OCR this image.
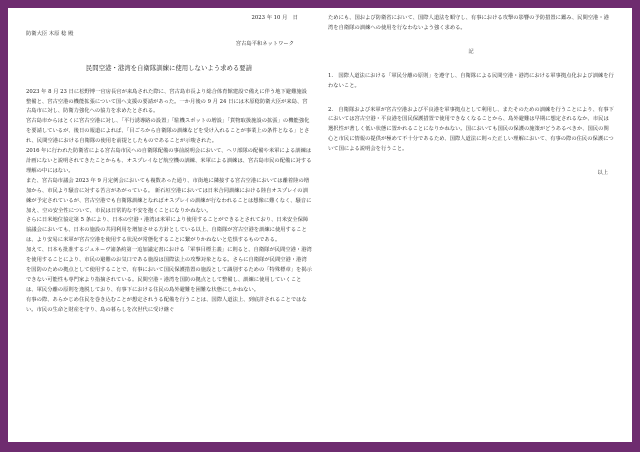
2023 年 10 月　日
防衛大臣 木原 稔 殿
宮古島平和ネットワーク
民間空港・港湾を自衛隊訓練に使用しないよう求める要請

2023 年 8 月 23 日に松野博一官房長官が来島された際に、宮古島市長より総合体育館建設で備えに伴う地下避難施設整備と、宮古空港の機能拡張について国へ支援の要請があった。一か月後の 9 月 24 日には木原稔防衛大臣が来島、宮古島市に対し、防衛力強化への協力を求めたとされる。

宮古島市からはとくに宮古空港に対し、「平行誘導路の設置」「駐機スポットの増設」「貨物取扱施設の拡張」の機能強化を要請しているが、後日の報道によれば、「目ごろから自衛隊の訓練などを受け入れることが事業上の条件となる」とされ、民間空港における自衛隊の使用を前提としたものであることが示唆された。

2016 年に行われた防衛省による宮古島市民への自衛隊配備の事前説明会において、ヘリ部隊の配備や米軍による訓練は計画にないと説明されてきたことからも、オスプレイなど航空機の訓練、米軍による訓練は、宮古島市民の配備に対する理解の中にはない。

また、宮古島市議会 2023 年 9 月定例会においても複数あった通り、市街地に隣接する宮古空港においては離着陸の増加から、市民より騒音に対する苦言があがっている。 新石垣空港においては日米合同訓練における陸自オスプレイの訓練が予定されているが、宮古空港でも自衛隊訓練となればオスプレイの訓練が行なわれることは想像に難くなく、騒音に加え、空の安全性について、市民は日常的な不安を抱くことになりかねない。

さらに日米地位協定第 5 条により、日本の空港・港湾は米軍により使用することができるとされており、日米安全保障協議会においても、日本の施設の共同利用を増加させる方針としている以上、自衛隊が宮古空港を訓練に使用することは、より安易に米軍が宮古空港を使用する状況が常態化することに繋がりかねないと危惧するものである。

加えて、日本も批准するジュネーヴ諸条約第一追加議定書における「軍事目標主義」に則ると、自衛隊が民間空港・港湾を使用することにより、市民の避難のお気口である施設は国際法上の攻撃対象となる。さらに自衛隊が民間空港・港湾を国防のための拠点として使用することで、有事において国民保護措置の施設として識別するための「特殊標章」を掲示できない可能性も専門家より指摘されている。民間空港・港湾を国防の拠点として整備し、訓練に使用していくことは、軍民分離の原則を逸脱しており、有事下における住民の島外避難を困難な状態にしかねない。

有事の際、あらかじめ住民を巻き込むことが想定されうる配備を行うことは、国際人道法上、到底許されることではない。市民の生命と財産を守り、島の暮らしを次世代に受け継ぐ

ためにも、国および防衛省において、国際人道法を順守し、有事における攻撃の影響の予防措置に鑑み、民間空港・港湾を自衛隊の訓練への使用を行なわないよう強く求める。

記
1.　国際人道法における「軍民分離の原則」を遵守し、自衛隊による民間空港・港湾における軍事拠点化および訓練を行わないこと。
2.　自衛隊および米軍が宮古空港および平良港を軍事拠点として利用し、またそのための訓練を行うことにより、有事下においては宮古空港・平良港を国民保護措置で使用できなくなることから、島外避難は早期に想定されるなか、市民は選択性が著しく低い状態に置かれることになりかねない。国においても国民の保護の施策がどうあるべきか、国民の関心と市民に情報の提供が極めて不十分であるため、国際人道法に則った正しい理解において、有事の際の住民の保護について国による説明会を行うこと。
以上
